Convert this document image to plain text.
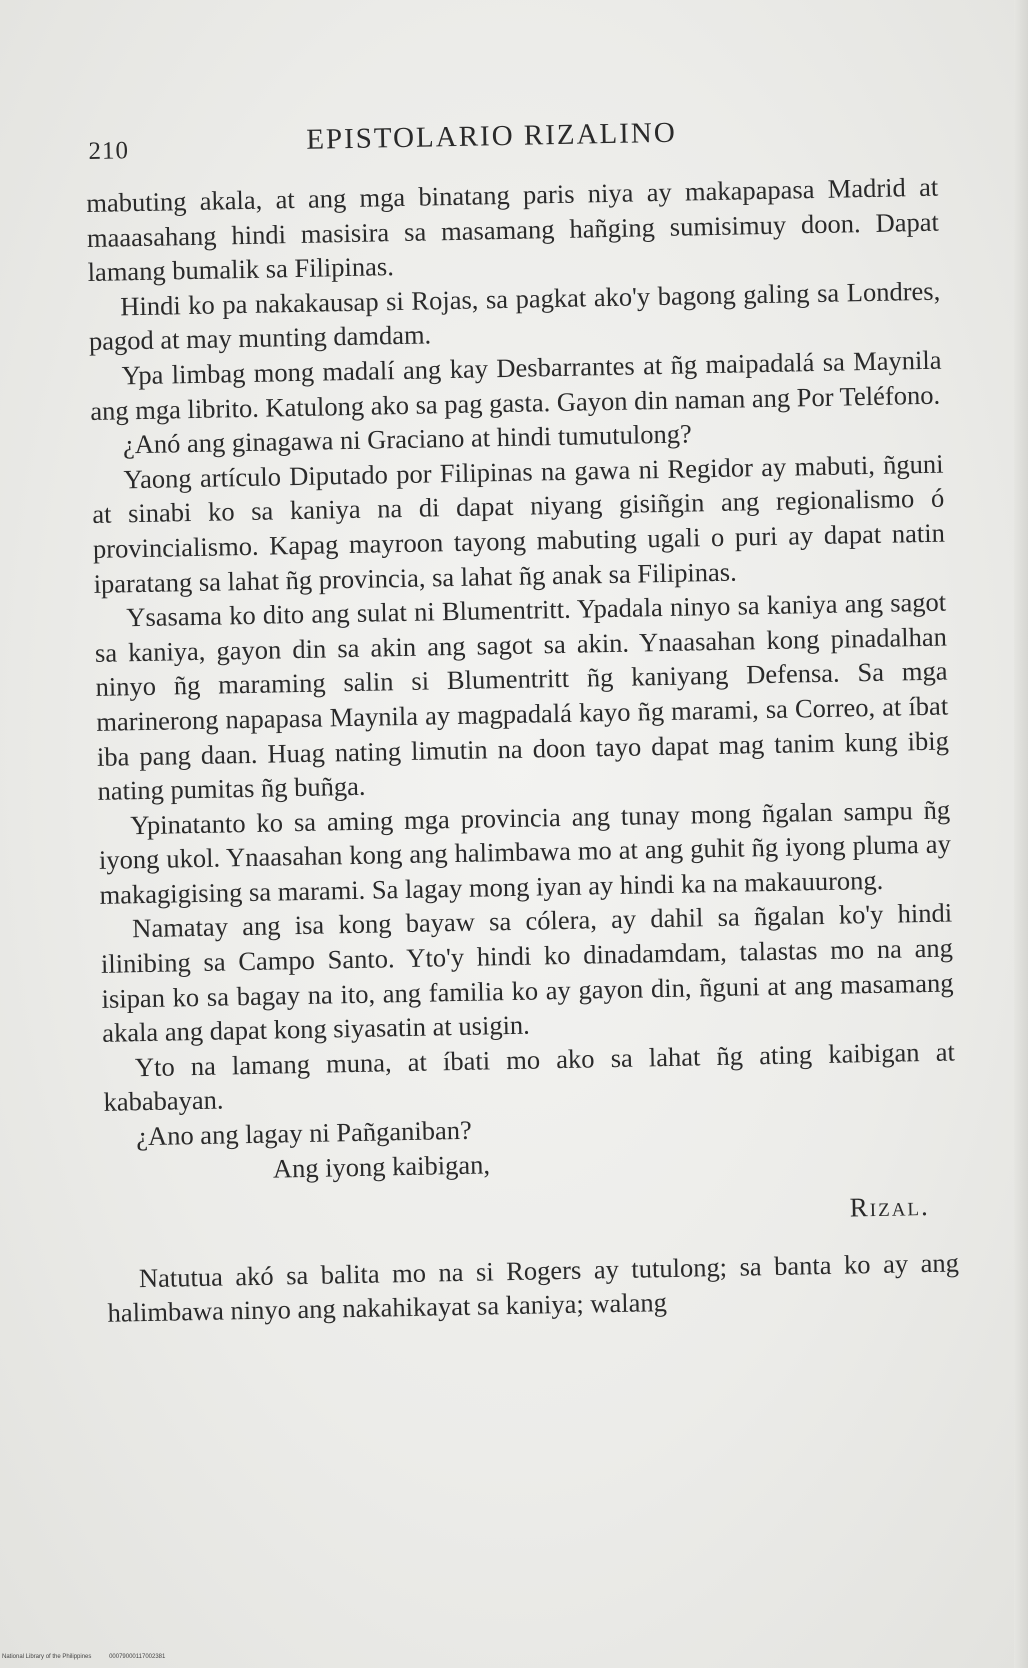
210	EPISTOLARIO RIZALINO

mabuting akala, at ang mga binatang paris niya ay makapapasa Madrid at maaasahang hindi masisira sa masamang hañging sumisimuy doon. Dapat lamang bumalik sa Filipinas.

Hindi ko pa nakakausap si Rojas, sa pagkat ako'y bagong galing sa Londres, pagod at may munting damdam.

Ypa limbag mong madalí ang kay Desbarrantes at ñg maipadalá sa Maynila ang mga librito. Katulong ako sa pag gasta. Gayon din naman ang Por Teléfono.

¿Anó ang ginagawa ni Graciano at hindi tumutulong?

Yaong artículo Diputado por Filipinas na gawa ni Regidor ay mabuti, ñguni at sinabi ko sa kaniya na di dapat niyang gisiñgin ang regionalismo ó provincialismo. Kapag mayroon tayong mabuting ugali o puri ay dapat natin iparatang sa lahat ñg provincia, sa lahat ñg anak sa Filipinas.

Ysasama ko dito ang sulat ni Blumentritt. Ypadala ninyo sa kaniya ang sagot sa kaniya, gayon din sa akin ang sagot sa akin. Ynaasahan kong pinadalhan ninyo ñg maraming salin si Blumentritt ñg kaniyang Defensa. Sa mga marinerong napapasa Maynila ay magpadalá kayo ñg marami, sa Correo, at íbat iba pang daan. Huag nating limutin na doon tayo dapat mag tanim kung ibig nating pumitas ñg buñga.

Ypinatanto ko sa aming mga provincia ang tunay mong ñgalan sampu ñg iyong ukol. Ynaasahan kong ang halimbawa mo at ang guhit ñg iyong pluma ay makagigising sa marami. Sa lagay mong iyan ay hindi ka na makauurong.

Namatay ang isa kong bayaw sa cólera, ay dahil sa ñgalan ko'y hindi ilinibing sa Campo Santo. Yto'y hindi ko dinadamdam, talastas mo na ang isipan ko sa bagay na ito, ang familia ko ay gayon din, ñguni at ang masamang akala ang dapat kong siyasatin at usigin.

Yto na lamang muna, at íbati mo ako sa lahat ñg ating kaibigan at kababayan.

¿Ano ang lagay ni Pañganiban?

Ang iyong kaibigan,

Rizal.

Natutua akó sa balita mo na si Rogers ay tutulong; sa banta ko ay ang halimbawa ninyo ang nakahikayat sa kaniya; walang

National Library of the Philippines	00079000117002381
